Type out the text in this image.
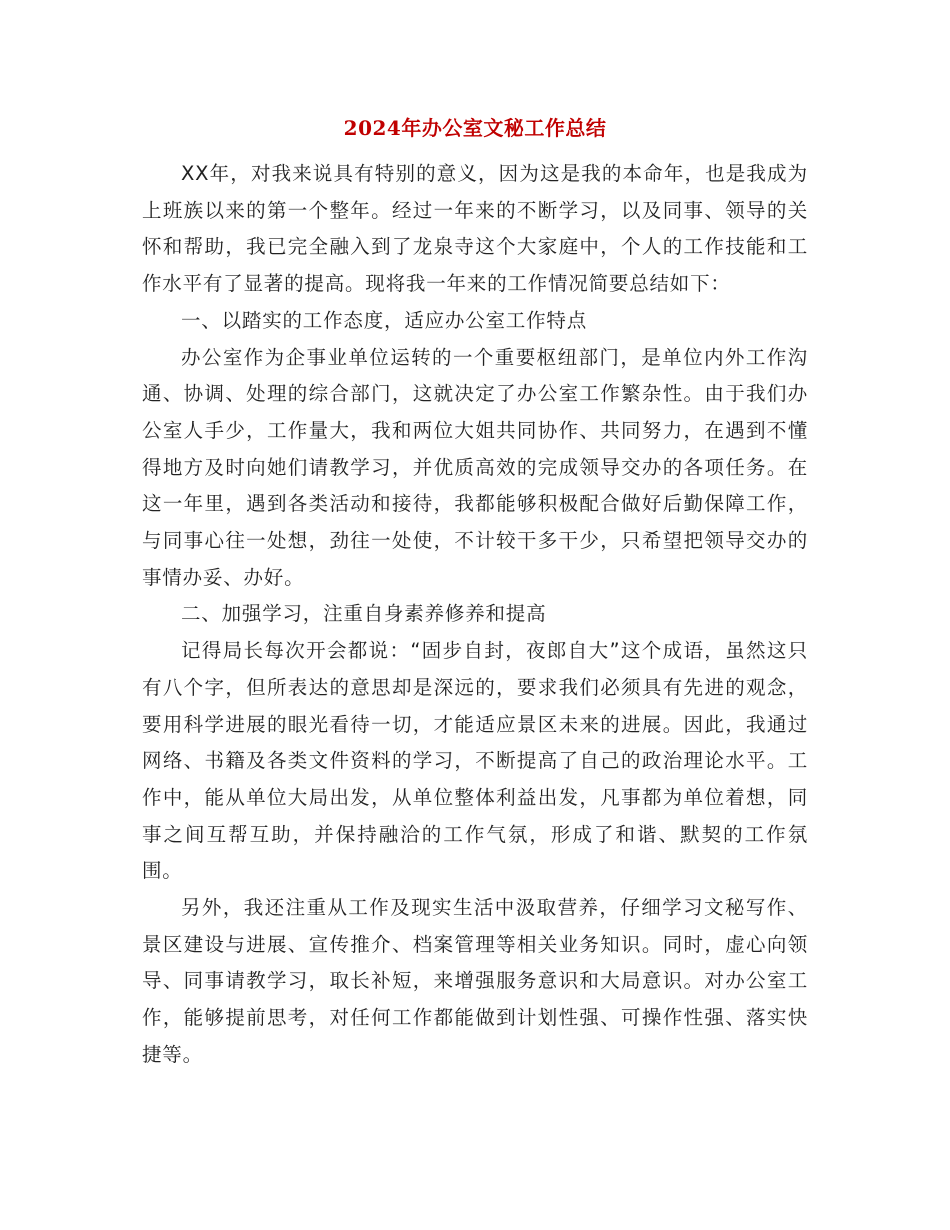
2024年办公室文秘工作总结

XX年，对我来说具有特别的意义，因为这是我的本命年，也是我成为上班族以来的第一个整年。经过一年来的不断学习，以及同事、领导的关怀和帮助，我已完全融入到了龙泉寺这个大家庭中，个人的工作技能和工作水平有了显著的提高。现将我一年来的工作情况简要总结如下：

一、以踏实的工作态度，适应办公室工作特点

办公室作为企事业单位运转的一个重要枢纽部门，是单位内外工作沟通、协调、处理的综合部门，这就决定了办公室工作繁杂性。由于我们办公室人手少，工作量大，我和两位大姐共同协作、共同努力，在遇到不懂得地方及时向她们请教学习，并优质高效的完成领导交办的各项任务。在这一年里，遇到各类活动和接待，我都能够积极配合做好后勤保障工作，与同事心往一处想，劲往一处使，不计较干多干少，只希望把领导交办的事情办妥、办好。

二、加强学习，注重自身素养修养和提高

记得局长每次开会都说：“固步自封，夜郎自大”这个成语，虽然这只有八个字，但所表达的意思却是深远的，要求我们必须具有先进的观念，要用科学进展的眼光看待一切，才能适应景区未来的进展。因此，我通过网络、书籍及各类文件资料的学习，不断提高了自己的政治理论水平。工作中，能从单位大局出发，从单位整体利益出发，凡事都为单位着想，同事之间互帮互助，并保持融洽的工作气氛，形成了和谐、默契的工作氛围。

另外，我还注重从工作及现实生活中汲取营养，仔细学习文秘写作、景区建设与进展、宣传推介、档案管理等相关业务知识。同时，虚心向领导、同事请教学习，取长补短，来增强服务意识和大局意识。对办公室工作，能够提前思考，对任何工作都能做到计划性强、可操作性强、落实快捷等。
